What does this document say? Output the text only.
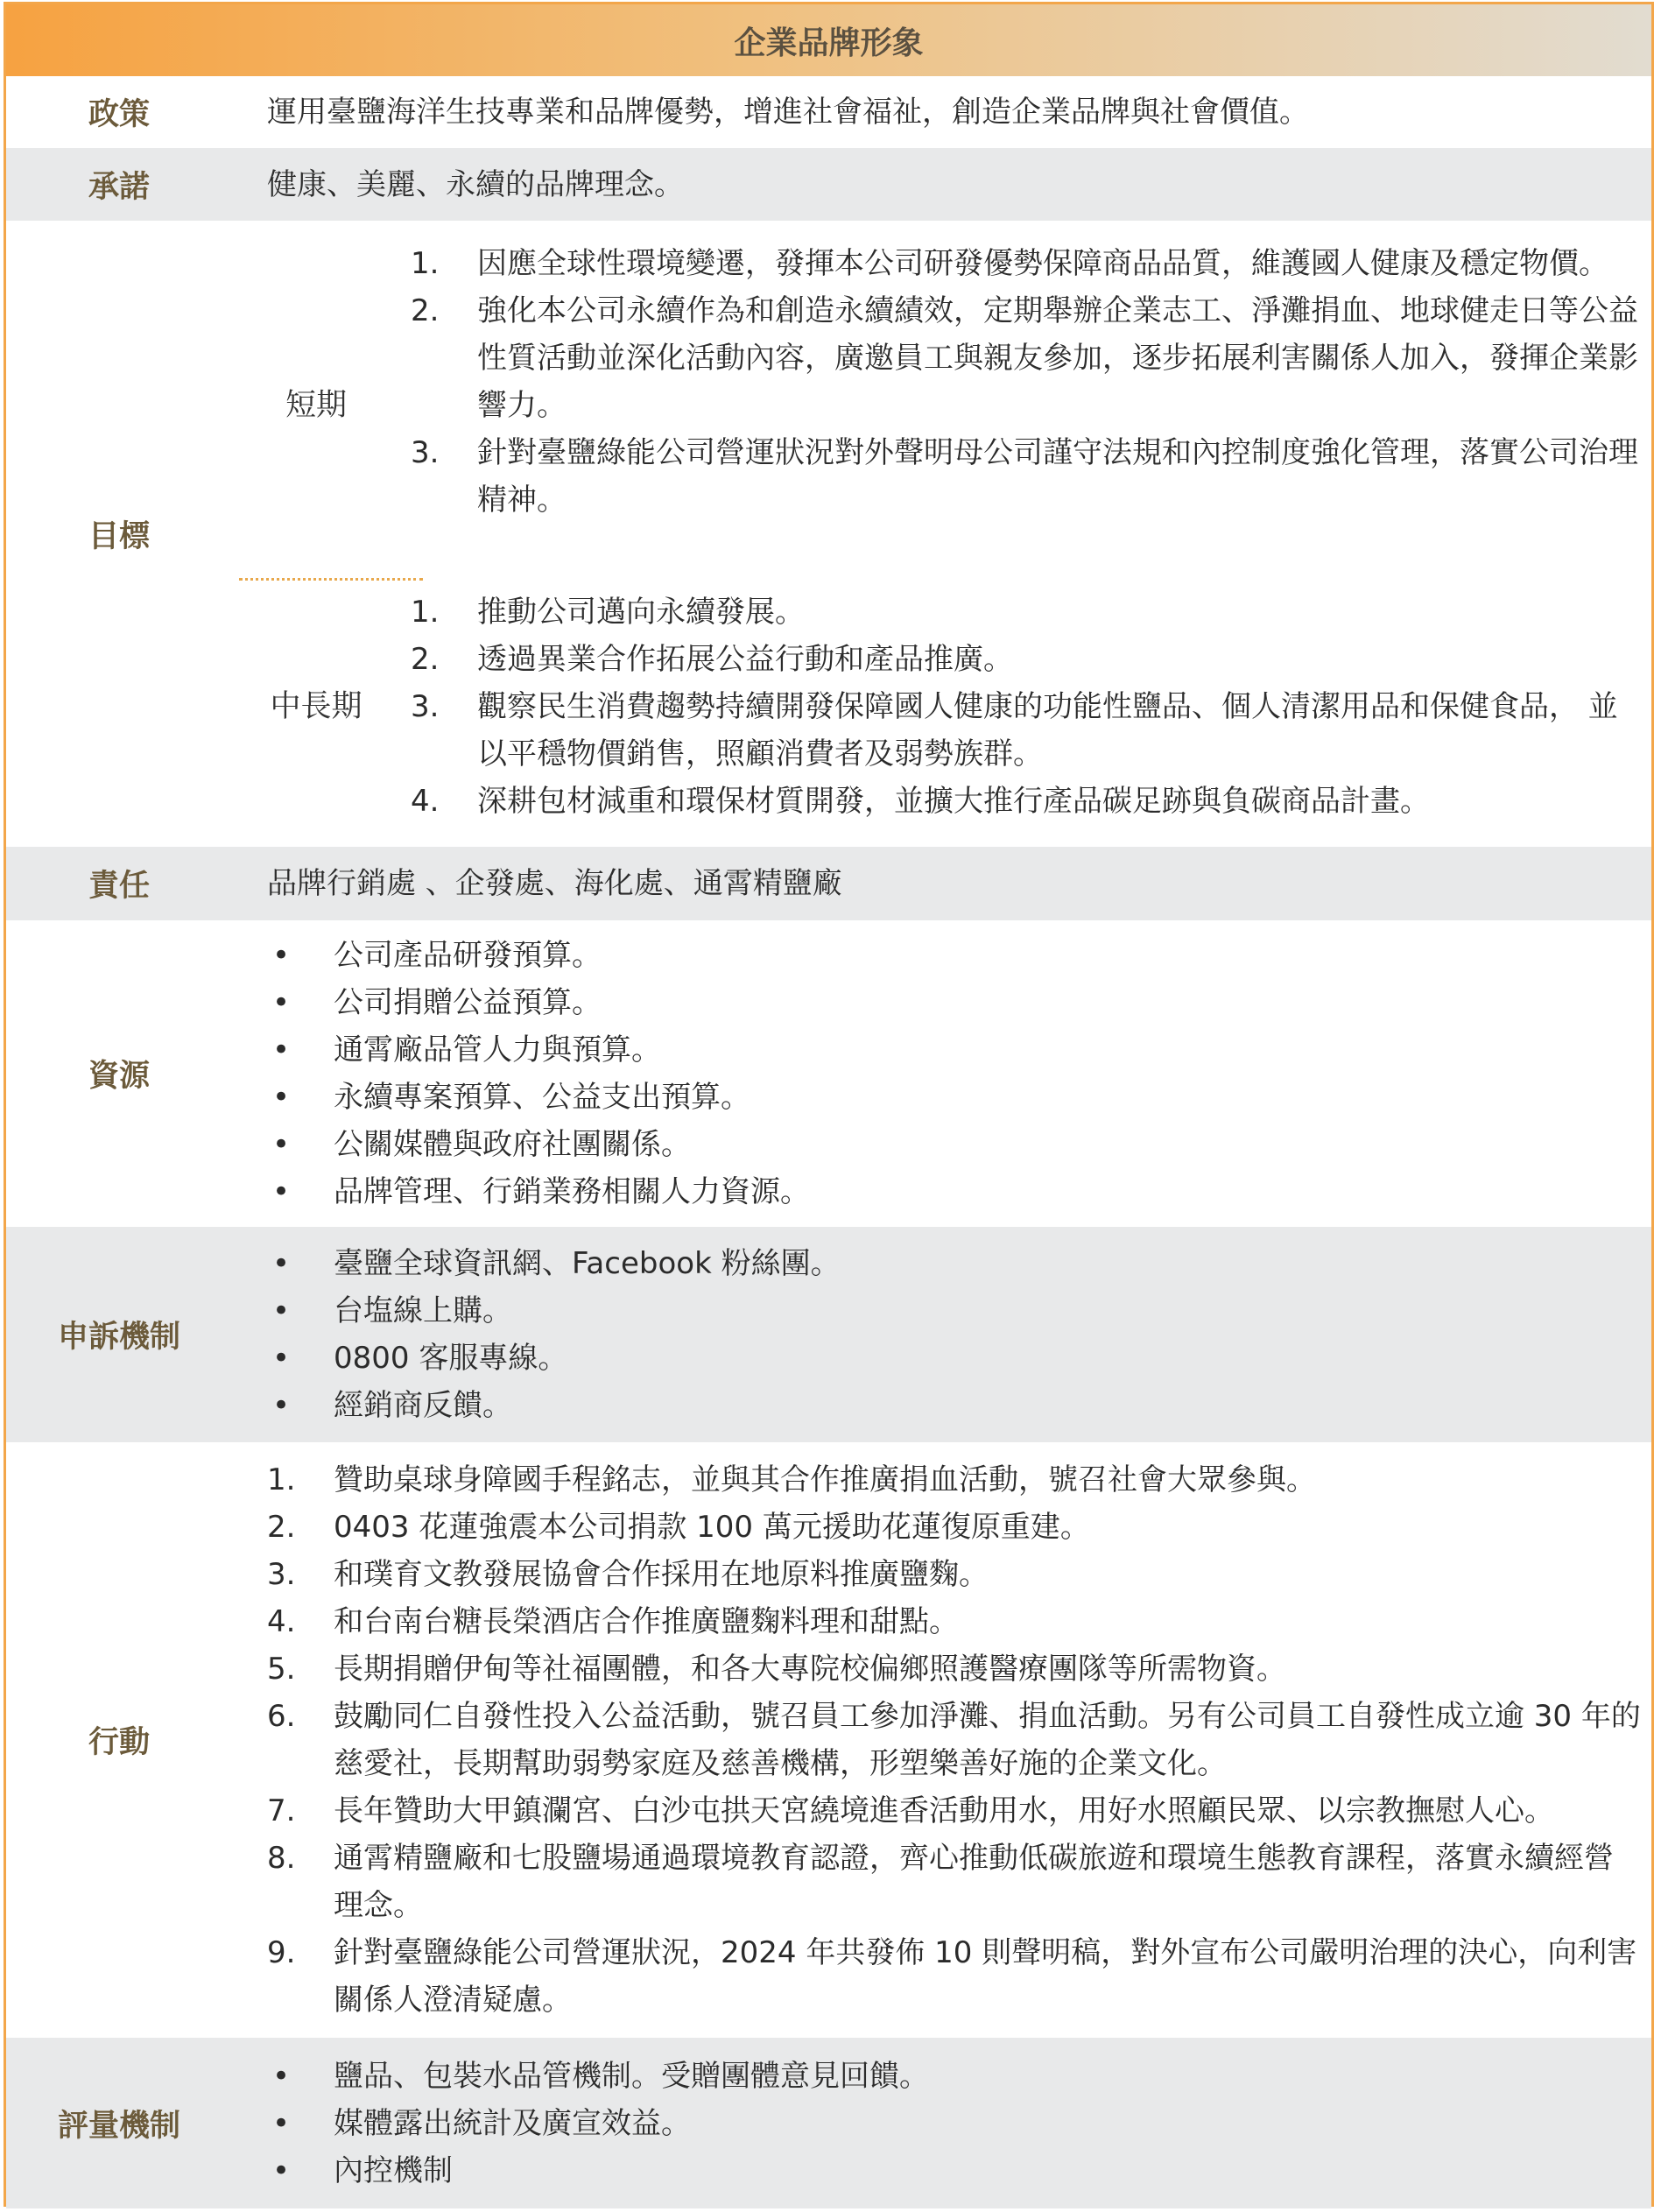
企業品牌形象
政策	運用臺鹽海洋生技專業和品牌優勢，增進社會福祉，創造企業品牌與社會價值。
承諾	健康、美麗、永續的品牌理念。
目標
短期
1.	因應全球性環境變遷，發揮本公司研發優勢保障商品品質，維護國人健康及穩定物價。
2.	強化本公司永續作為和創造永續績效，定期舉辦企業志工、淨灘捐血、地球健走日等公益性質活動並深化活動內容，廣邀員工與親友參加，逐步拓展利害關係人加入，發揮企業影響力。
3.	針對臺鹽綠能公司營運狀況對外聲明母公司謹守法規和內控制度強化管理，落實公司治理精神。
中長期
1.	推動公司邁向永續發展。
2.	透過異業合作拓展公益行動和產品推廣。
3.	觀察民生消費趨勢持續開發保障國人健康的功能性鹽品、個人清潔用品和保健食品， 並以平穩物價銷售，照顧消費者及弱勢族群。
4.	深耕包材減重和環保材質開發，並擴大推行產品碳足跡與負碳商品計畫。
責任	品牌行銷處 、企發處、海化處、通霄精鹽廠
資源
•	公司產品研發預算。
•	公司捐贈公益預算。
•	通霄廠品管人力與預算。
•	永續專案預算、公益支出預算。
•	公關媒體與政府社團關係。
•	品牌管理、行銷業務相關人力資源。
申訴機制
•	臺鹽全球資訊網、Facebook 粉絲團。
•	台塩線上購。
•	0800 客服專線。
•	經銷商反饋。
行動
1.	贊助桌球身障國手程銘志，並與其合作推廣捐血活動，號召社會大眾參與。
2.	0403 花蓮強震本公司捐款 100 萬元援助花蓮復原重建。
3.	和璞育文教發展協會合作採用在地原料推廣鹽麴。
4.	和台南台糖長榮酒店合作推廣鹽麴料理和甜點。
5.	長期捐贈伊甸等社福團體，和各大專院校偏鄉照護醫療團隊等所需物資。
6.	鼓勵同仁自發性投入公益活動，號召員工參加淨灘、捐血活動。另有公司員工自發性成立逾 30 年的慈愛社，長期幫助弱勢家庭及慈善機構，形塑樂善好施的企業文化。
7.	長年贊助大甲鎮瀾宮、白沙屯拱天宮繞境進香活動用水，用好水照顧民眾、以宗教撫慰人心。
8.	通霄精鹽廠和七股鹽場通過環境教育認證，齊心推動低碳旅遊和環境生態教育課程，落實永續經營理念。
9.	針對臺鹽綠能公司營運狀況，2024 年共發佈 10 則聲明稿，對外宣布公司嚴明治理的決心，向利害關係人澄清疑慮。
評量機制
•	鹽品、包裝水品管機制。受贈團體意見回饋。
•	媒體露出統計及廣宣效益。
•	內控機制
